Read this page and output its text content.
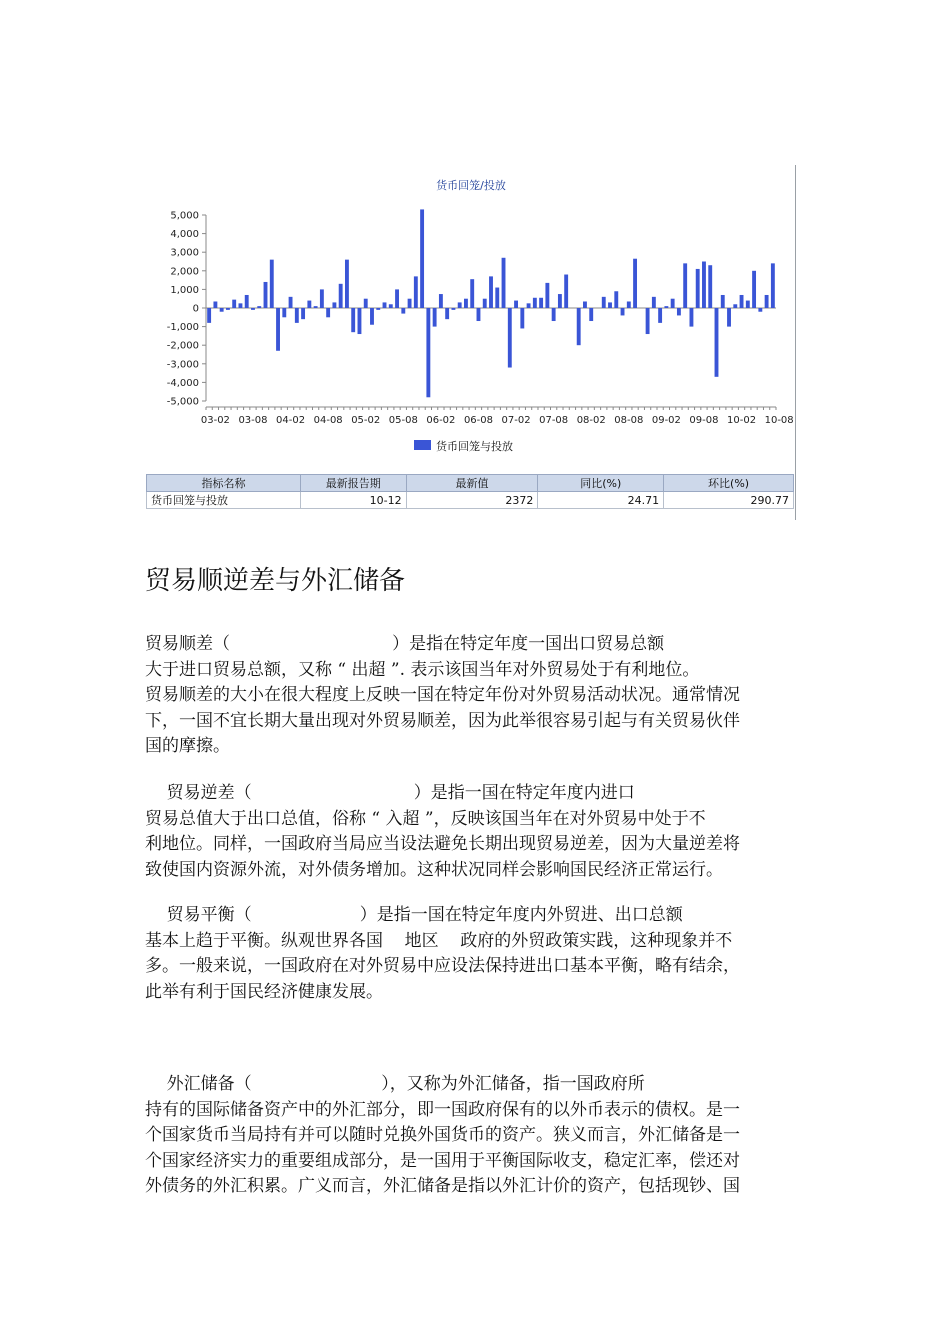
货币回笼/投放
5,000
4,000
3,000
2,000
1,000
0
-1,000
-2,000
-3,000
-4,000
-5,000
03-02 03-08 04-02 04-08 05-02 05-08 06-02 06-08 07-02 07-08 08-02 08-08 09-02 09-08 10-02 10-08
货币回笼与投放
指标名称	最新报告期	最新值	同比(%)	环比(%)
货币回笼与投放	10-12	2372	24.71	290.77
贸易顺逆差与外汇储备
贸易顺差（                              ）是指在特定年度一国出口贸易总额
大于进口贸易总额，又称 “ 出超 ”. 表示该国当年对外贸易处于有利地位。
贸易顺差的大小在很大程度上反映一国在特定年份对外贸易活动状况。通常情况
下，一国不宜长期大量出现对外贸易顺差，因为此举很容易引起与有关贸易伙伴
国的摩擦。
贸易逆差（                              ）是指一国在特定年度内进口
贸易总值大于出口总值，俗称 “ 入超 ”，反映该国当年在对外贸易中处于不
利地位。同样，一国政府当局应当设法避免长期出现贸易逆差，因为大量逆差将
致使国内资源外流，对外债务增加。这种状况同样会影响国民经济正常运行。
贸易平衡（                    ）是指一国在特定年度内外贸进、出口总额
基本上趋于平衡。纵观世界各国    地区    政府的外贸政策实践，这种现象并不
多。一般来说，一国政府在对外贸易中应设法保持进出口基本平衡，略有结余，
此举有利于国民经济健康发展。
外汇储备（                        ），又称为外汇储备，指一国政府所
持有的国际储备资产中的外汇部分，即一国政府保有的以外币表示的债权。是一
个国家货币当局持有并可以随时兑换外国货币的资产。狭义而言，外汇储备是一
个国家经济实力的重要组成部分，是一国用于平衡国际收支，稳定汇率，偿还对
外债务的外汇积累。广义而言，外汇储备是指以外汇计价的资产，包括现钞、国
